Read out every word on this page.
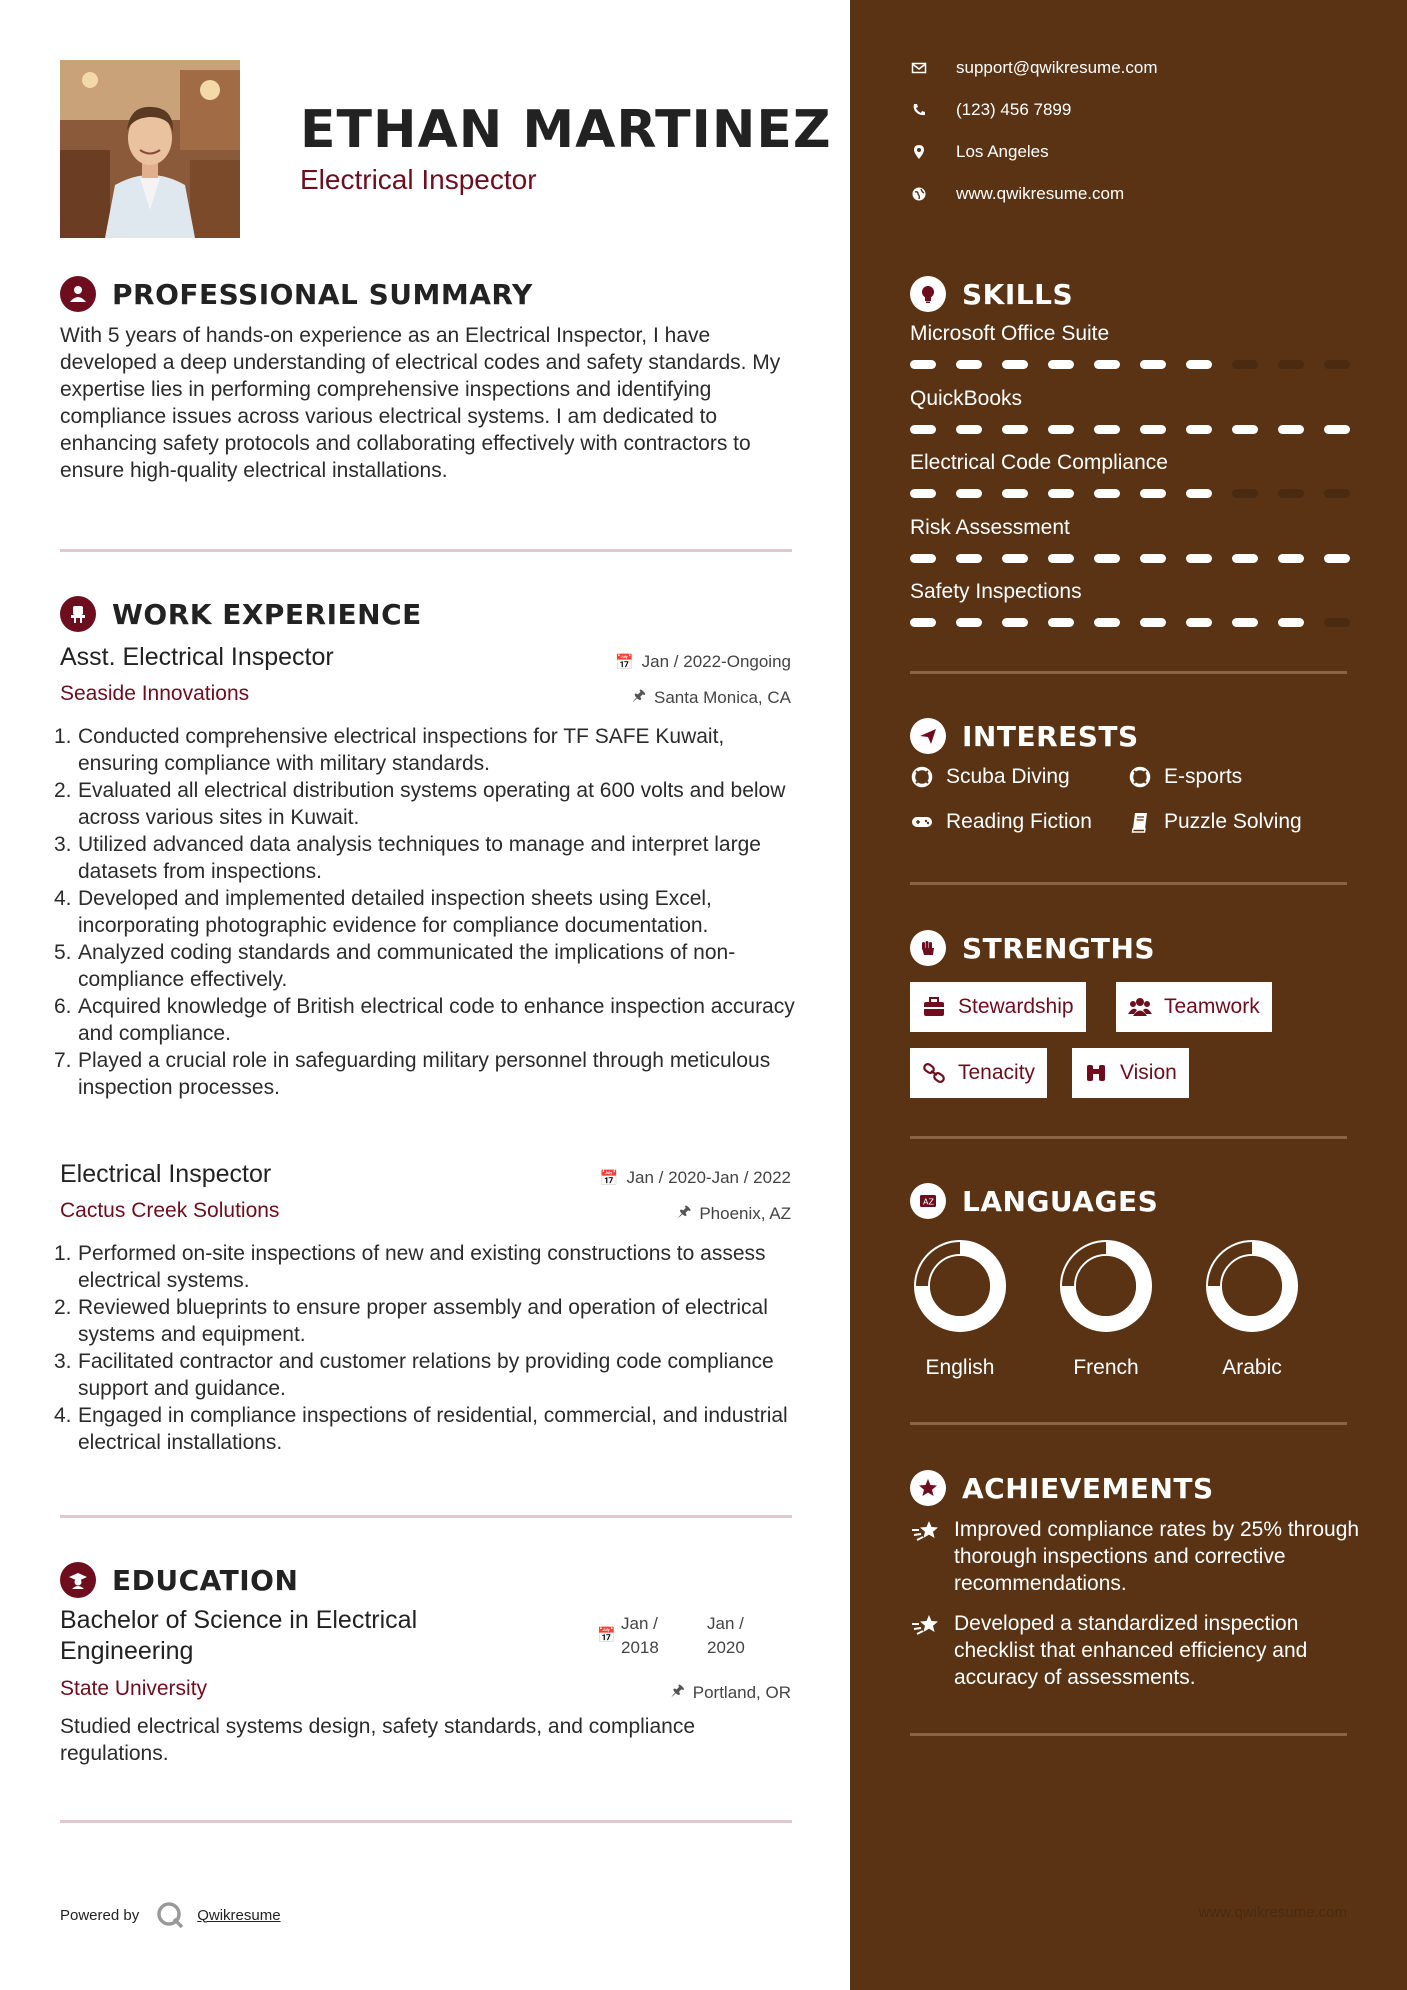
ETHAN MARTINEZ
Electrical Inspector
PROFESSIONAL SUMMARY
With 5 years of hands-on experience as an Electrical Inspector, I have developed a deep understanding of electrical codes and safety standards. My expertise lies in performing comprehensive inspections and identifying compliance issues across various electrical systems. I am dedicated to enhancing safety protocols and collaborating effectively with contractors to ensure high-quality electrical installations.
WORK EXPERIENCE
Asst. Electrical Inspector	📅 Jan / 2022-Ongoing
Seaside Innovations	🖈 Santa Monica, CA
1. Conducted comprehensive electrical inspections for TF SAFE Kuwait, ensuring compliance with military standards.
2. Evaluated all electrical distribution systems operating at 600 volts and below across various sites in Kuwait.
3. Utilized advanced data analysis techniques to manage and interpret large datasets from inspections.
4. Developed and implemented detailed inspection sheets using Excel, incorporating photographic evidence for compliance documentation.
5. Analyzed coding standards and communicated the implications of non-compliance effectively.
6. Acquired knowledge of British electrical code to enhance inspection accuracy and compliance.
7. Played a crucial role in safeguarding military personnel through meticulous inspection processes.
Electrical Inspector	📅 Jan / 2020-Jan / 2022
Cactus Creek Solutions	🖈 Phoenix, AZ
1. Performed on-site inspections of new and existing constructions to assess electrical systems.
2. Reviewed blueprints to ensure proper assembly and operation of electrical systems and equipment.
3. Facilitated contractor and customer relations by providing code compliance support and guidance.
4. Engaged in compliance inspections of residential, commercial, and industrial electrical installations.
EDUCATION
Bachelor of Science in Electrical Engineering
📅
Jan / 2018
Jan / 2020
State University	🖈 Portland, OR
Studied electrical systems design, safety standards, and compliance regulations.
Powered by	Qwikresume
support@qwikresume.com
(123) 456 7899
Los Angeles
www.qwikresume.com
SKILLS
Microsoft Office Suite
QuickBooks
Electrical Code Compliance
Risk Assessment
Safety Inspections
INTERESTS
Scuba Diving	E-sports
Reading Fiction	Puzzle Solving
STRENGTHS
Stewardship	Teamwork
Tenacity	Vision
AZ LANGUAGES
English	French	Arabic
ACHIEVEMENTS
Improved compliance rates by 25% through thorough inspections and corrective recommendations.
Developed a standardized inspection checklist that enhanced efficiency and accuracy of assessments.
www.qwikresume.com
